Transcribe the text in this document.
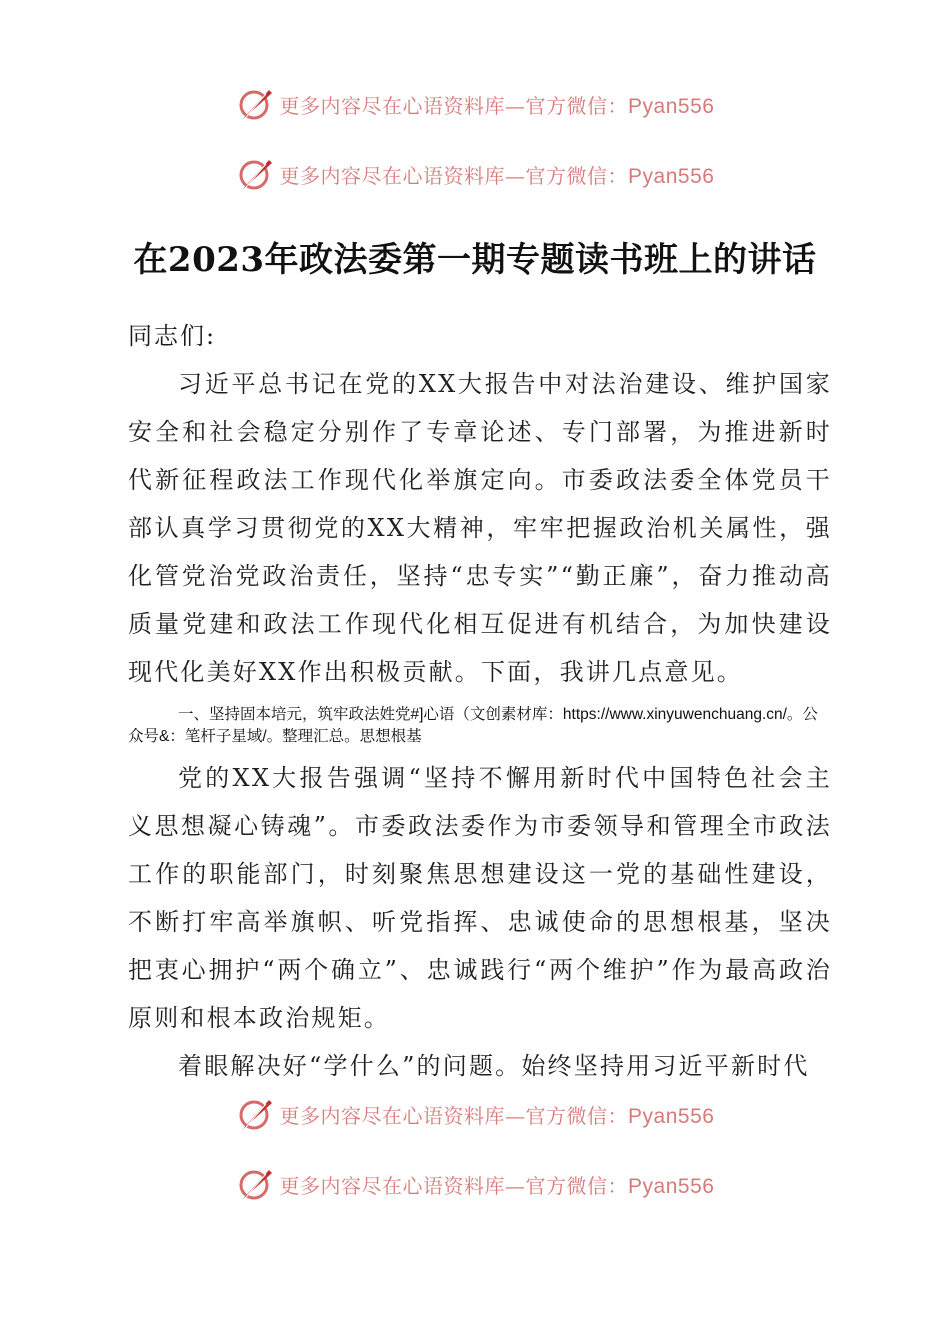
更多内容尽在心语资料库—官方微信：Pyan556
更多内容尽在心语资料库—官方微信：Pyan556
在2023年政法委第一期专题读书班上的讲话

同志们:

习近平总书记在党的XX大报告中对法治建设、维护国家安全和社会稳定分别作了专章论述、专门部署，为推进新时代新征程政法工作现代化举旗定向。市委政法委全体党员干部认真学习贯彻党的XX大精神，牢牢把握政治机关属性，强化管党治党政治责任，坚持“忠专实”“勤正廉”，奋力推动高质量党建和政法工作现代化相互促进有机结合，为加快建设现代化美好XX作出积极贡献。下面，我讲几点意见。

一、坚持固本培元，筑牢政法姓党#]心语（文创素材库：https://www.xinyuwenchuang.cn/。公众号&：笔杆子星域/。整理汇总。思想根基

党的XX大报告强调“坚持不懈用新时代中国特色社会主义思想凝心铸魂”。市委政法委作为市委领导和管理全市政法工作的职能部门，时刻聚焦思想建设这一党的基础性建设，不断打牢高举旗帜、听党指挥、忠诚使命的思想根基，坚决把衷心拥护“两个确立”、忠诚践行“两个维护”作为最高政治原则和根本政治规矩。

着眼解决好“学什么”的问题。始终坚持用习近平新时代

更多内容尽在心语资料库—官方微信：Pyan556
更多内容尽在心语资料库—官方微信：Pyan556
